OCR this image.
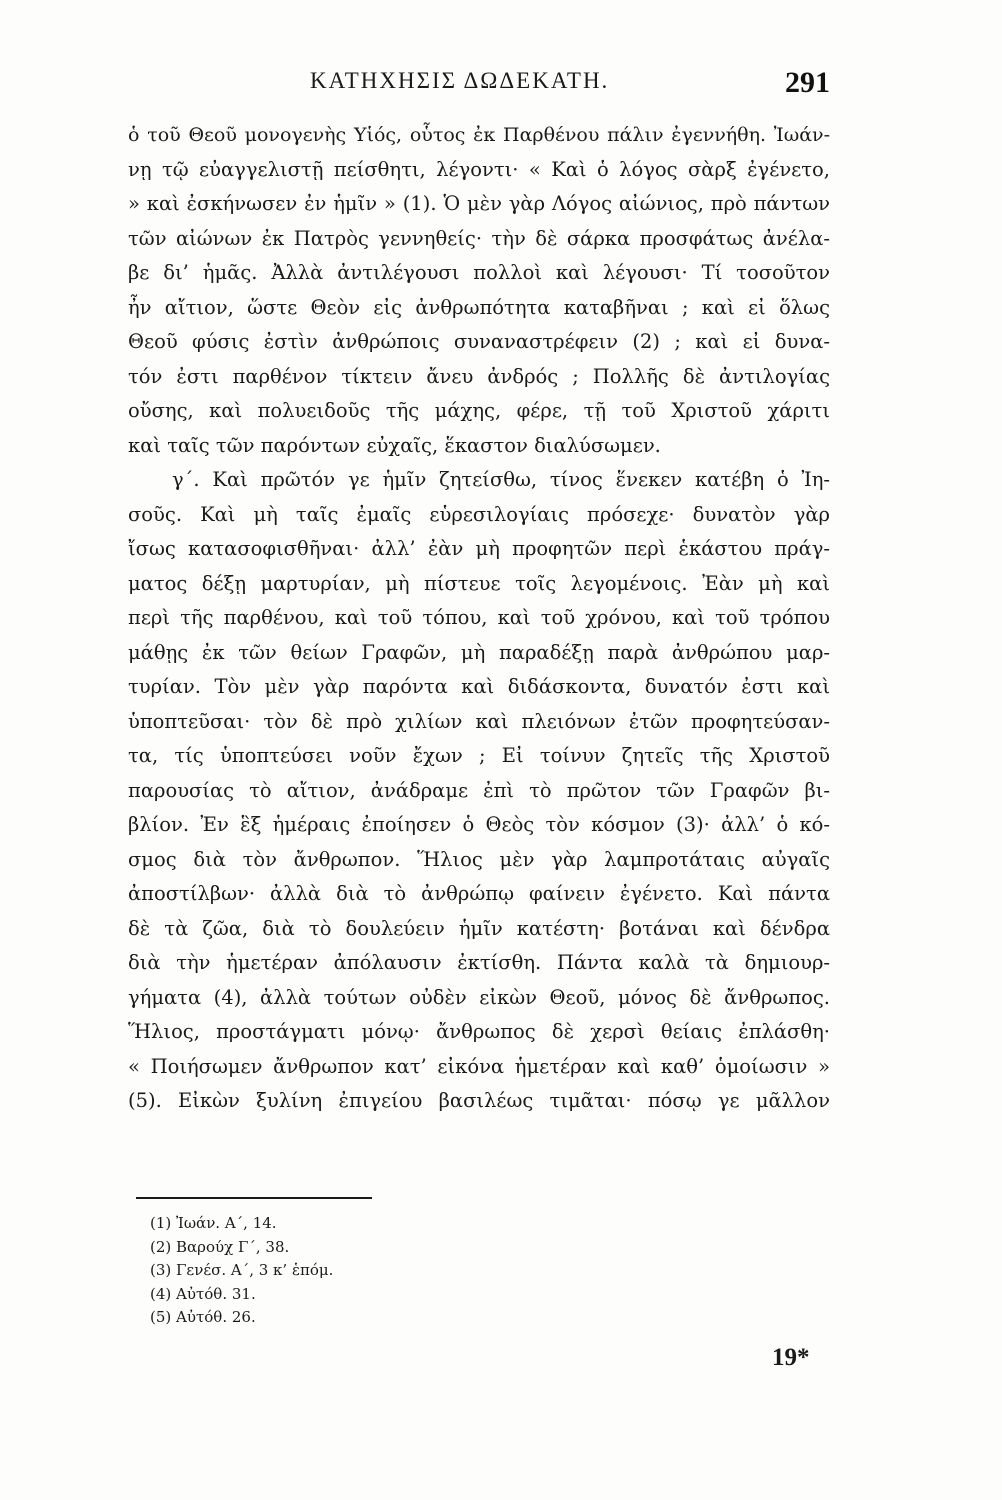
ΚΑΤΗΧΗΣΙΣ ΔΩΔΕΚΑΤΗ.	291
ὁ τοῦ Θεοῦ μονογενὴς Υἱός, οὗτος ἐκ Παρθένου πάλιν ἐγεννήθη. Ἰωάν-
νῃ τῷ εὐαγγελιστῇ πείσθητι, λέγοντι· « Καὶ ὁ λόγος σὰρξ ἐγένετο,
» καὶ ἐσκήνωσεν ἐν ἡμῖν » (1). Ὁ μὲν γὰρ Λόγος αἰώνιος, πρὸ πάντων
τῶν αἰώνων ἐκ Πατρὸς γεννηθείς· τὴν δὲ σάρκα προσφάτως ἀνέλα-
βε δι’ ἡμᾶς. Ἀλλὰ ἀντιλέγουσι πολλοὶ καὶ λέγουσι· Τί τοσοῦτον
ἦν αἴτιον, ὥστε Θεὸν εἰς ἀνθρωπότητα καταβῆναι ; καὶ εἰ ὅλως
Θεοῦ φύσις ἐστὶν ἀνθρώποις συναναστρέφειν (2) ; καὶ εἰ δυνα-
τόν ἐστι παρθένον τίκτειν ἄνευ ἀνδρός ; Πολλῆς δὲ ἀντιλογίας
οὔσης, καὶ πολυειδοῦς τῆς μάχης, φέρε, τῇ τοῦ Χριστοῦ χάριτι
καὶ ταῖς τῶν παρόντων εὐχαῖς, ἕκαστον διαλύσωμεν.
γ΄. Καὶ πρῶτόν γε ἡμῖν ζητείσθω, τίνος ἕνεκεν κατέβη ὁ Ἰη-
σοῦς. Καὶ μὴ ταῖς ἐμαῖς εὑρεσιλογίαις πρόσεχε· δυνατὸν γὰρ
ἴσως κατασοφισθῆναι· ἀλλ’ ἐὰν μὴ προφητῶν περὶ ἑκάστου πράγ-
ματος δέξῃ μαρτυρίαν, μὴ πίστευε τοῖς λεγομένοις. Ἐὰν μὴ καὶ
περὶ τῆς παρθένου, καὶ τοῦ τόπου, καὶ τοῦ χρόνου, καὶ τοῦ τρόπου
μάθῃς ἐκ τῶν θείων Γραφῶν, μὴ παραδέξῃ παρὰ ἀνθρώπου μαρ-
τυρίαν. Τὸν μὲν γὰρ παρόντα καὶ διδάσκοντα, δυνατόν ἐστι καὶ
ὑποπτεῦσαι· τὸν δὲ πρὸ χιλίων καὶ πλειόνων ἐτῶν προφητεύσαν-
τα, τίς ὑποπτεύσει νοῦν ἔχων ; Εἰ τοίνυν ζητεῖς τῆς Χριστοῦ
παρουσίας τὸ αἴτιον, ἀνάδραμε ἐπὶ τὸ πρῶτον τῶν Γραφῶν βι-
βλίον. Ἐν ἓξ ἡμέραις ἐποίησεν ὁ Θεὸς τὸν κόσμον (3)· ἀλλ’ ὁ κό-
σμος διὰ τὸν ἄνθρωπον. Ἥλιος μὲν γὰρ λαμπροτάταις αὐγαῖς
ἀποστίλβων· ἀλλὰ διὰ τὸ ἀνθρώπῳ φαίνειν ἐγένετο. Καὶ πάντα
δὲ τὰ ζῶα, διὰ τὸ δουλεύειν ἡμῖν κατέστη· βοτάναι καὶ δένδρα
διὰ τὴν ἡμετέραν ἀπόλαυσιν ἐκτίσθη. Πάντα καλὰ τὰ δημιουρ-
γήματα (4), ἀλλὰ τούτων οὐδὲν εἰκὼν Θεοῦ, μόνος δὲ ἄνθρωπος.
Ἥλιος, προστάγματι μόνῳ· ἄνθρωπος δὲ χερσὶ θείαις ἐπλάσθη·
« Ποιήσωμεν ἄνθρωπον κατ’ εἰκόνα ἡμετέραν καὶ καθ’ ὁμοίωσιν »
(5). Εἰκὼν ξυλίνη ἐπιγείου βασιλέως τιμᾶται· πόσῳ γε μᾶλλον
(1) Ἰωάν. Α΄, 14.
(2) Βαρούχ Γ΄, 38.
(3) Γενέσ. Α΄, 3 κ’ ἑπόμ.
(4) Αὐτόθ. 31.
(5) Αὐτόθ. 26.
19*
